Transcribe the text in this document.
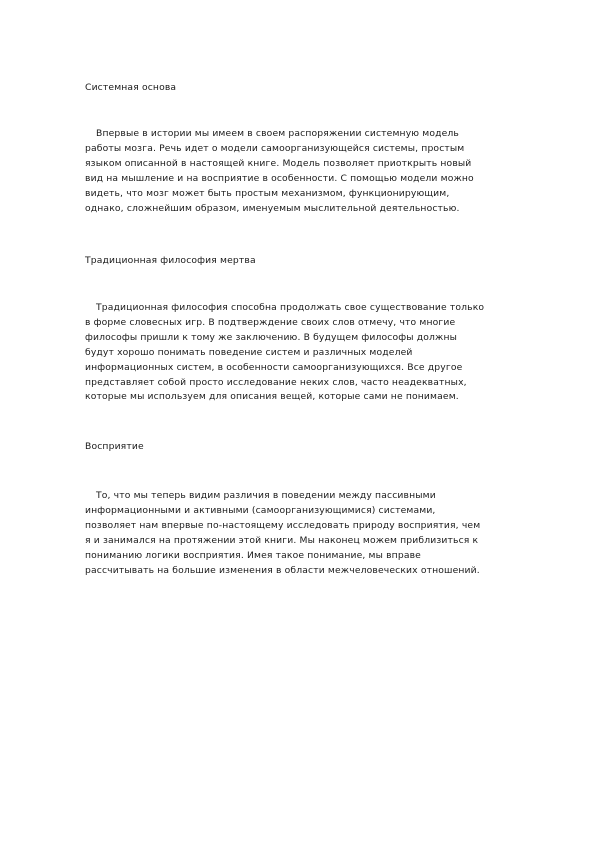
Системная основа
Впервые в истории мы имеем в своем распоряжении системную модель
работы мозга. Речь идет о модели самоорганизующейся системы, простым
языком описанной в настоящей книге. Модель позволяет приоткрыть новый
вид на мышление и на восприятие в особенности. С помощью модели можно
видеть, что мозг может быть простым механизмом, функционирующим,
однако, сложнейшим образом, именуемым мыслительной деятельностью.
Традиционная философия мертва
Традиционная философия способна продолжать свое существование только
в форме словесных игр. В подтверждение своих слов отмечу, что многие
философы пришли к тому же заключению. В будущем философы должны
будут хорошо понимать поведение систем и различных моделей
информационных систем, в особенности самоорганизующихся. Все другое
представляет собой просто исследование неких слов, часто неадекватных,
которые мы используем для описания вещей, которые сами не понимаем.
Восприятие
То, что мы теперь видим различия в поведении между пассивными
информационными и активными (самоорганизующимися) системами,
позволяет нам впервые по-настоящему исследовать природу восприятия, чем
я и занимался на протяжении этой книги. Мы наконец можем приблизиться к
пониманию логики восприятия. Имея такое понимание, мы вправе
рассчитывать на большие изменения в области межчеловеческих отношений.
